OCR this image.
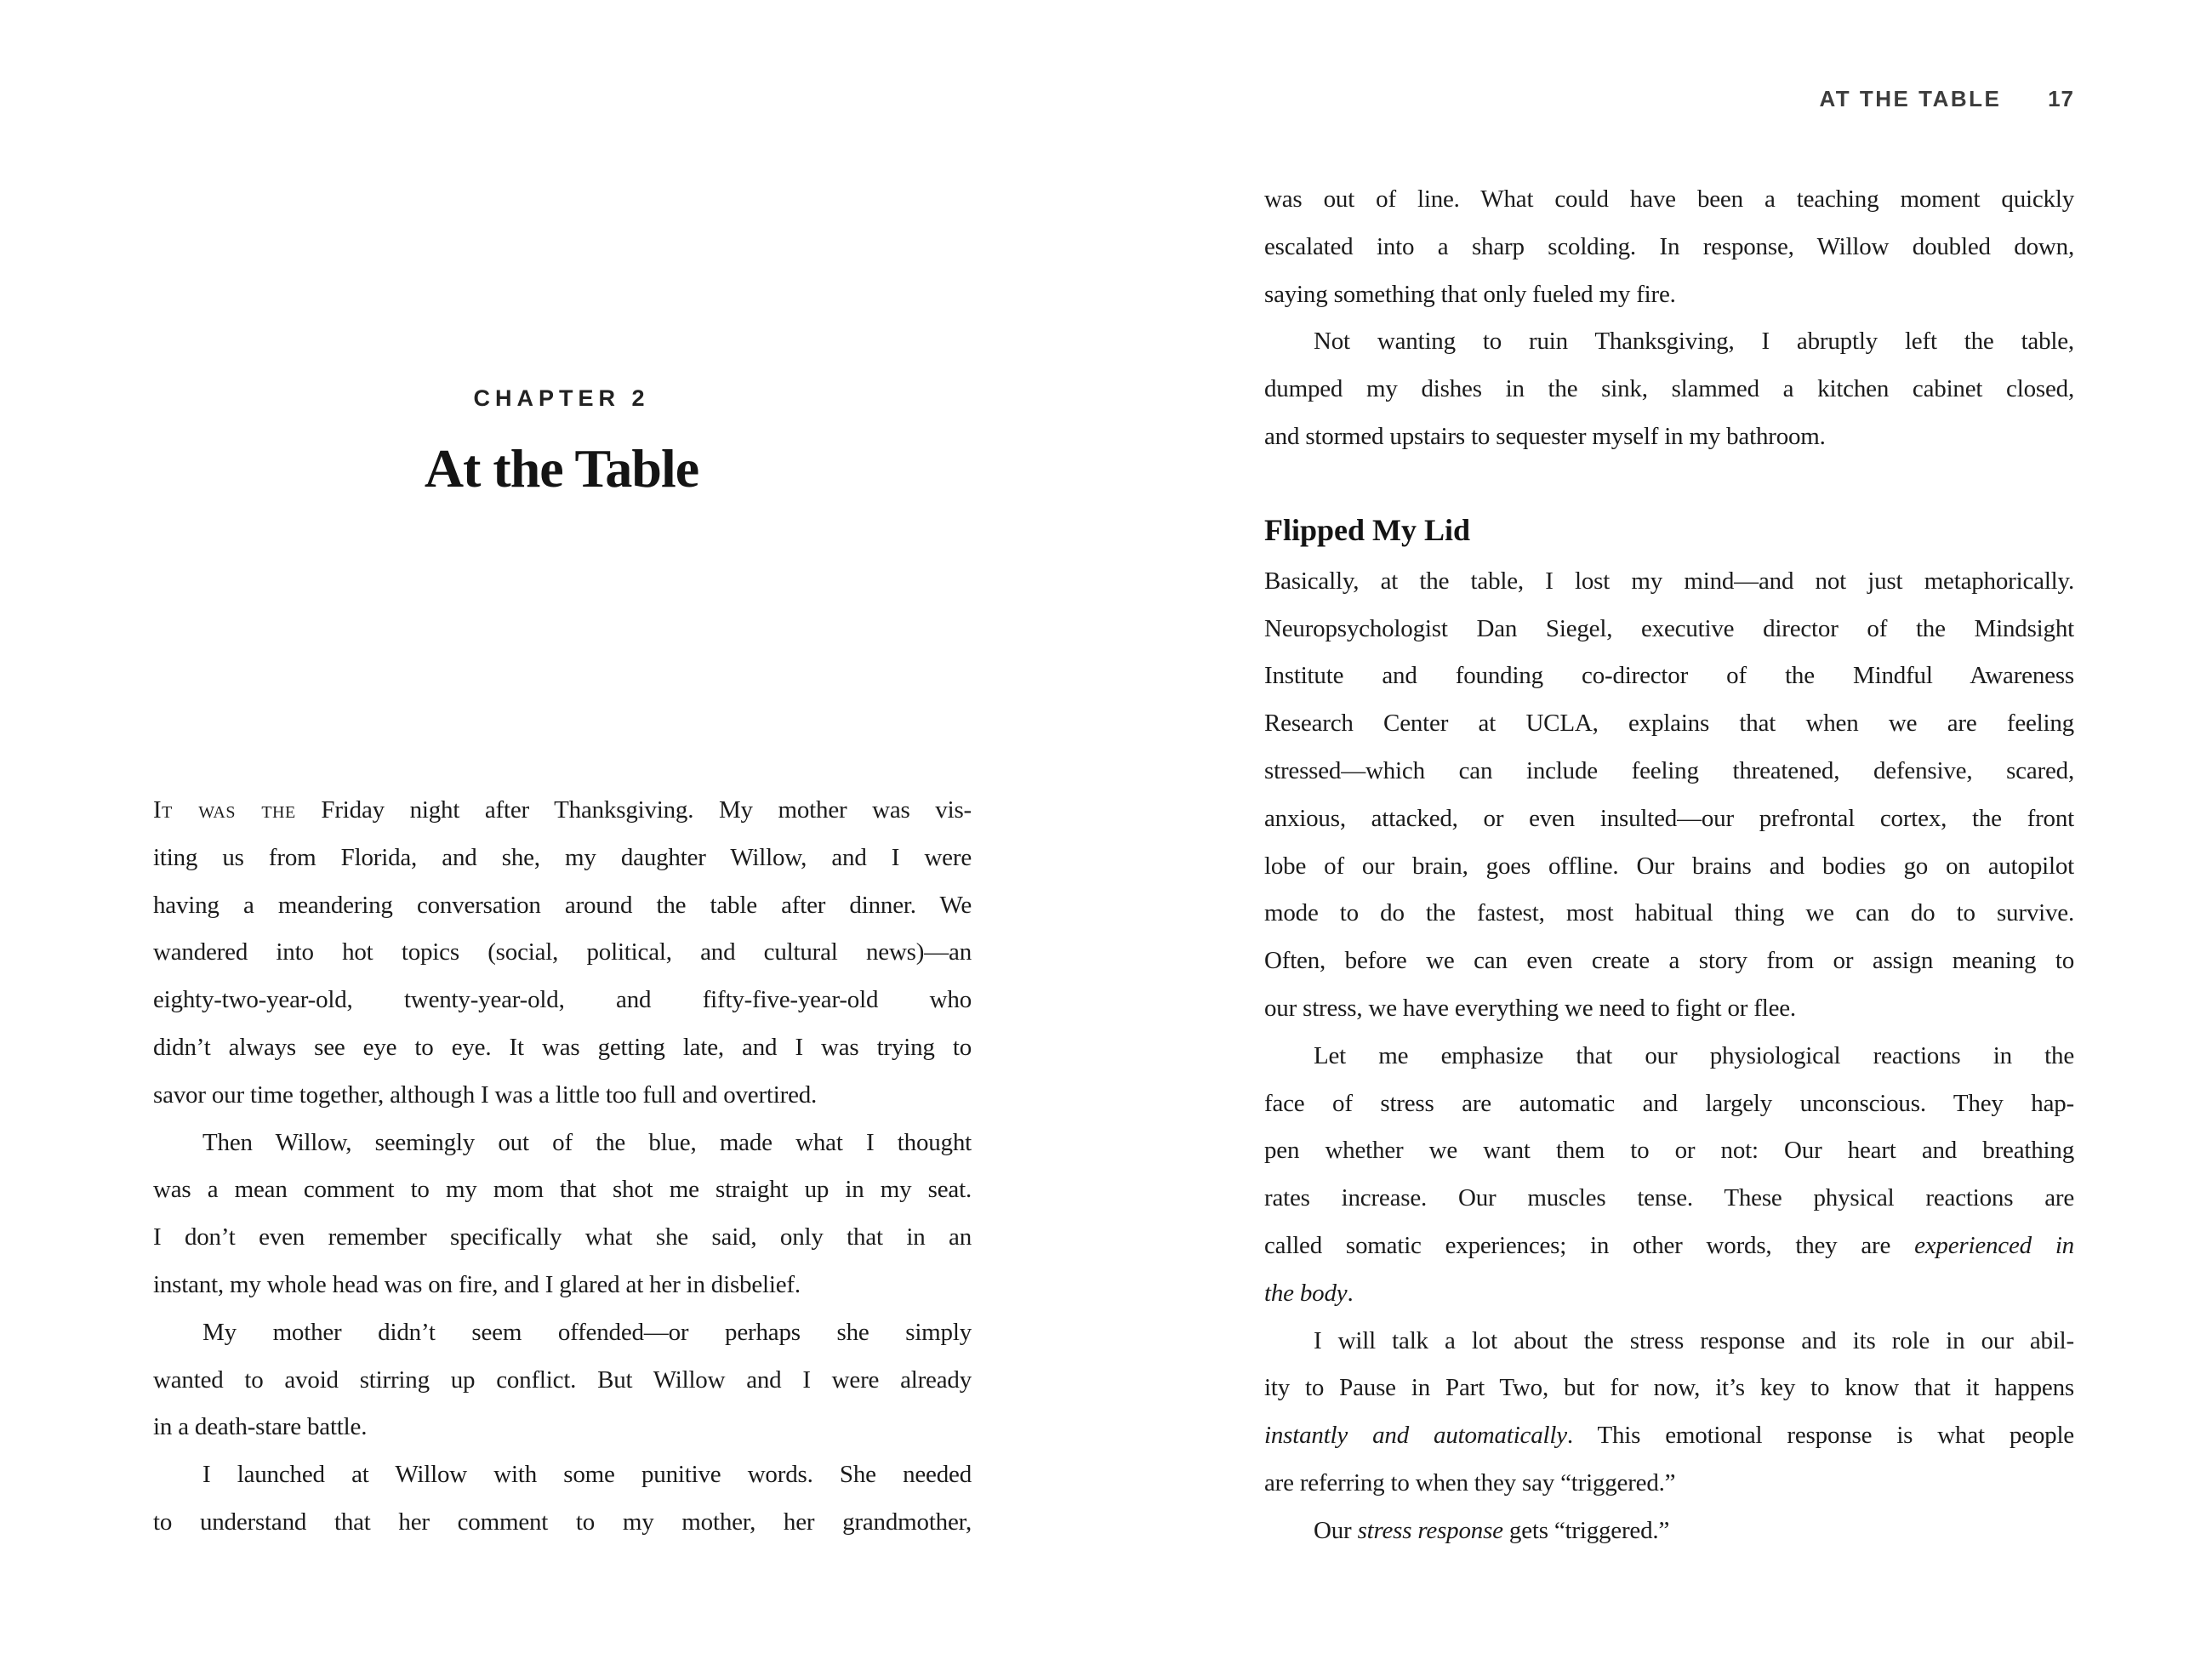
CHAPTER 2
At the Table
It was the Friday night after Thanksgiving. My mother was vis-
iting us from Florida, and she, my daughter Willow, and I were
having a meandering conversation around the table after dinner. We
wandered into hot topics (social, political, and cultural news)—an
eighty-two-year-old, twenty-year-old, and fifty-five-year-old who
didn’t always see eye to eye. It was getting late, and I was trying to
savor our time together, although I was a little too full and overtired.
Then Willow, seemingly out of the blue, made what I thought
was a mean comment to my mom that shot me straight up in my seat.
I don’t even remember specifically what she said, only that in an
instant, my whole head was on fire, and I glared at her in disbelief.
My mother didn’t seem offended—or perhaps she simply
wanted to avoid stirring up conflict. But Willow and I were already
in a death-stare battle.
I launched at Willow with some punitive words. She needed
to understand that her comment to my mother, her grandmother,
AT THE TABLE 17
was out of line. What could have been a teaching moment quickly
escalated into a sharp scolding. In response, Willow doubled down,
saying something that only fueled my fire.
Not wanting to ruin Thanksgiving, I abruptly left the table,
dumped my dishes in the sink, slammed a kitchen cabinet closed,
and stormed upstairs to sequester myself in my bathroom.
Flipped My Lid
Basically, at the table, I lost my mind—and not just metaphorically.
Neuropsychologist Dan Siegel, executive director of the Mindsight
Institute and founding co-director of the Mindful Awareness
Research Center at UCLA, explains that when we are feeling
stressed—which can include feeling threatened, defensive, scared,
anxious, attacked, or even insulted—our prefrontal cortex, the front
lobe of our brain, goes offline. Our brains and bodies go on autopilot
mode to do the fastest, most habitual thing we can do to survive.
Often, before we can even create a story from or assign meaning to
our stress, we have everything we need to fight or flee.
Let me emphasize that our physiological reactions in the
face of stress are automatic and largely unconscious. They hap-
pen whether we want them to or not: Our heart and breathing
rates increase. Our muscles tense. These physical reactions are
called somatic experiences; in other words, they are experienced in
the body.
I will talk a lot about the stress response and its role in our abil-
ity to Pause in Part Two, but for now, it’s key to know that it happens
instantly and automatically. This emotional response is what people
are referring to when they say “triggered.”
Our stress response gets “triggered.”
